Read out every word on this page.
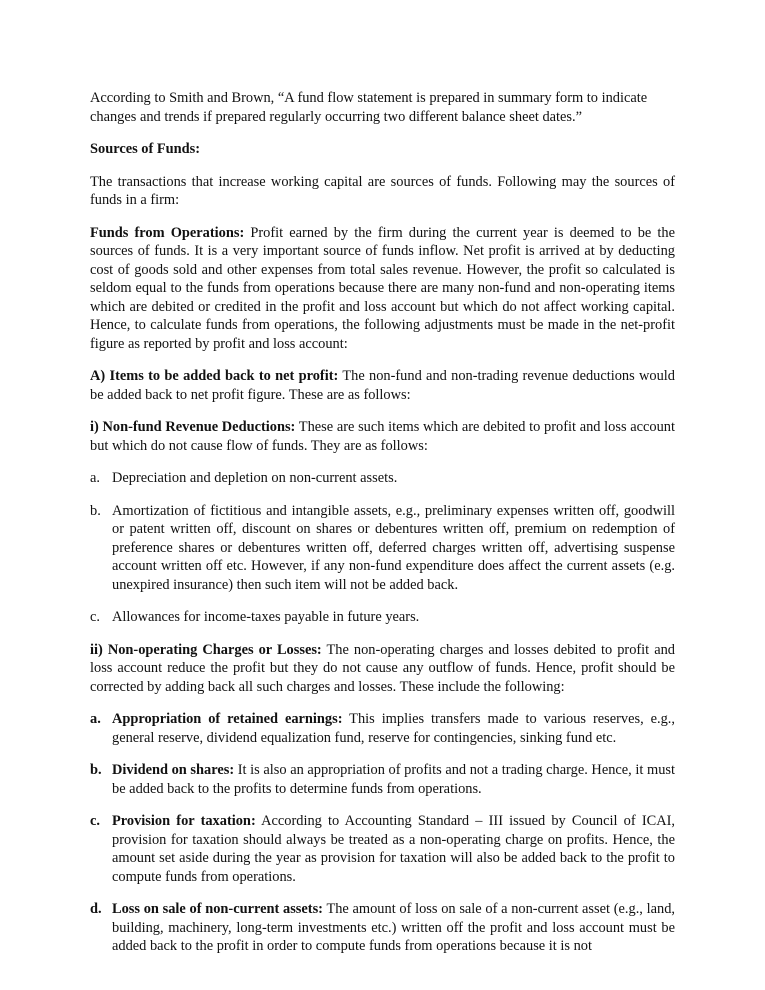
According to Smith and Brown, “A fund flow statement is prepared in summary form to indicate changes and trends if prepared regularly occurring two different balance sheet dates.”

Sources of Funds:

The transactions that increase working capital are sources of funds. Following may the sources of funds in a firm:

Funds from Operations: Profit earned by the firm during the current year is deemed to be the sources of funds. It is a very important source of funds inflow. Net profit is arrived at by deducting cost of goods sold and other expenses from total sales revenue. However, the profit so calculated is seldom equal to the funds from operations because there are many non-fund and non-operating items which are debited or credited in the profit and loss account but which do not affect working capital. Hence, to calculate funds from operations, the following adjustments must be made in the net-profit figure as reported by profit and loss account:

A) Items to be added back to net profit: The non-fund and non-trading revenue deductions would be added back to net profit figure. These are as follows:

i) Non-fund Revenue Deductions: These are such items which are debited to profit and loss account but which do not cause flow of funds. They are as follows:

a. Depreciation and depletion on non-current assets.
b. Amortization of fictitious and intangible assets, e.g., preliminary expenses written off, goodwill or patent written off, discount on shares or debentures written off, premium on redemption of preference shares or debentures written off, deferred charges written off, advertising suspense account written off etc. However, if any non-fund expenditure does affect the current assets (e.g. unexpired insurance) then such item will not be added back.
c. Allowances for income-taxes payable in future years.

ii) Non-operating Charges or Losses: The non-operating charges and losses debited to profit and loss account reduce the profit but they do not cause any outflow of funds. Hence, profit should be corrected by adding back all such charges and losses. These include the following:

a. Appropriation of retained earnings: This implies transfers made to various reserves, e.g., general reserve, dividend equalization fund, reserve for contingencies, sinking fund etc.
b. Dividend on shares: It is also an appropriation of profits and not a trading charge. Hence, it must be added back to the profits to determine funds from operations.
c. Provision for taxation: According to Accounting Standard – III issued by Council of ICAI, provision for taxation should always be treated as a non-operating charge on profits. Hence, the amount set aside during the year as provision for taxation will also be added back to the profit to compute funds from operations.
d. Loss on sale of non-current assets: The amount of loss on sale of a non-current asset (e.g., land, building, machinery, long-term investments etc.) written off the profit and loss account must be added back to the profit in order to compute funds from operations because it is not
